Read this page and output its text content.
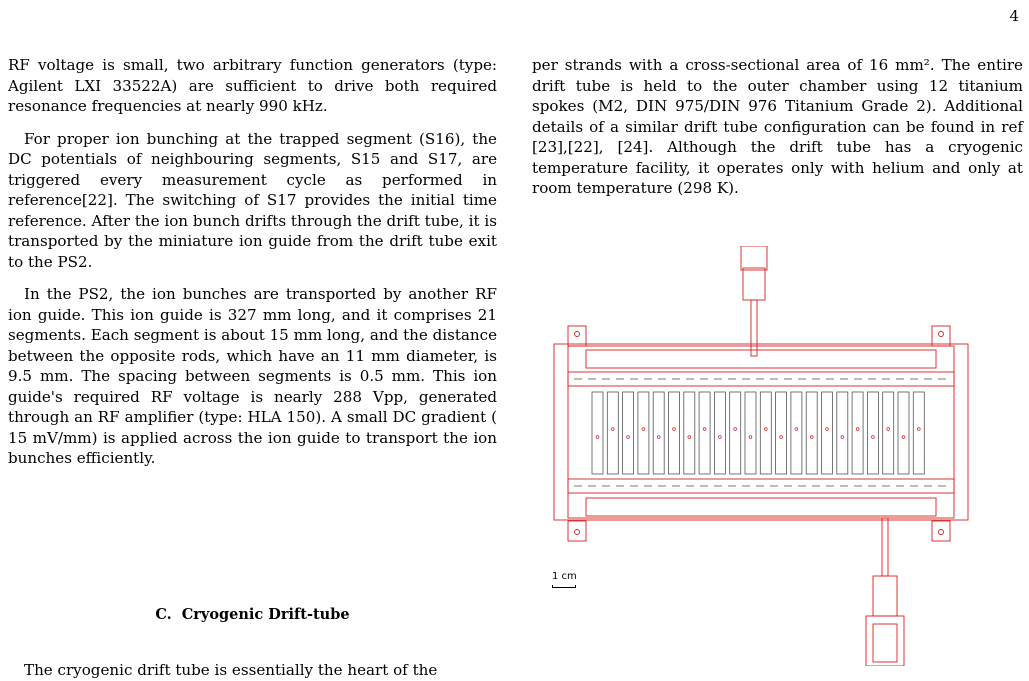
4

RF voltage is small, two arbitrary function generators (type: Agilent LXI 33522A) are sufficient to drive both required resonance frequencies at nearly 990 kHz.

For proper ion bunching at the trapped segment (S16), the DC potentials of neighbouring segments, S15 and S17, are triggered every measurement cycle as performed in reference[22]. The switching of S17 provides the initial time reference. After the ion bunch drifts through the drift tube, it is transported by the miniature ion guide from the drift tube exit to the PS2.

In the PS2, the ion bunches are transported by another RF ion guide. This ion guide is 327 mm long, and it comprises 21 segments. Each segment is about 15 mm long, and the distance between the opposite rods, which have an 11 mm diameter, is 9.5 mm. The spacing between segments is 0.5 mm. This ion guide's required RF voltage is nearly 288 Vpp, generated through an RF amplifier (type: HLA 150). A small DC gradient ( 15 mV/mm) is applied across the ion guide to transport the ion bunches efficiently.

C. Cryogenic Drift-tube
The cryogenic drift tube is essentially the heart of the

per strands with a cross-sectional area of 16 mm². The entire drift tube is held to the outer chamber using 12 titanium spokes (M2, DIN 975/DIN 976 Titanium Grade 2). Additional details of a similar drift tube configuration can be found in ref [23],[22], [24]. Although the drift tube has a cryogenic temperature facility, it operates only with helium and only at room temperature (298 K).

1 cm
